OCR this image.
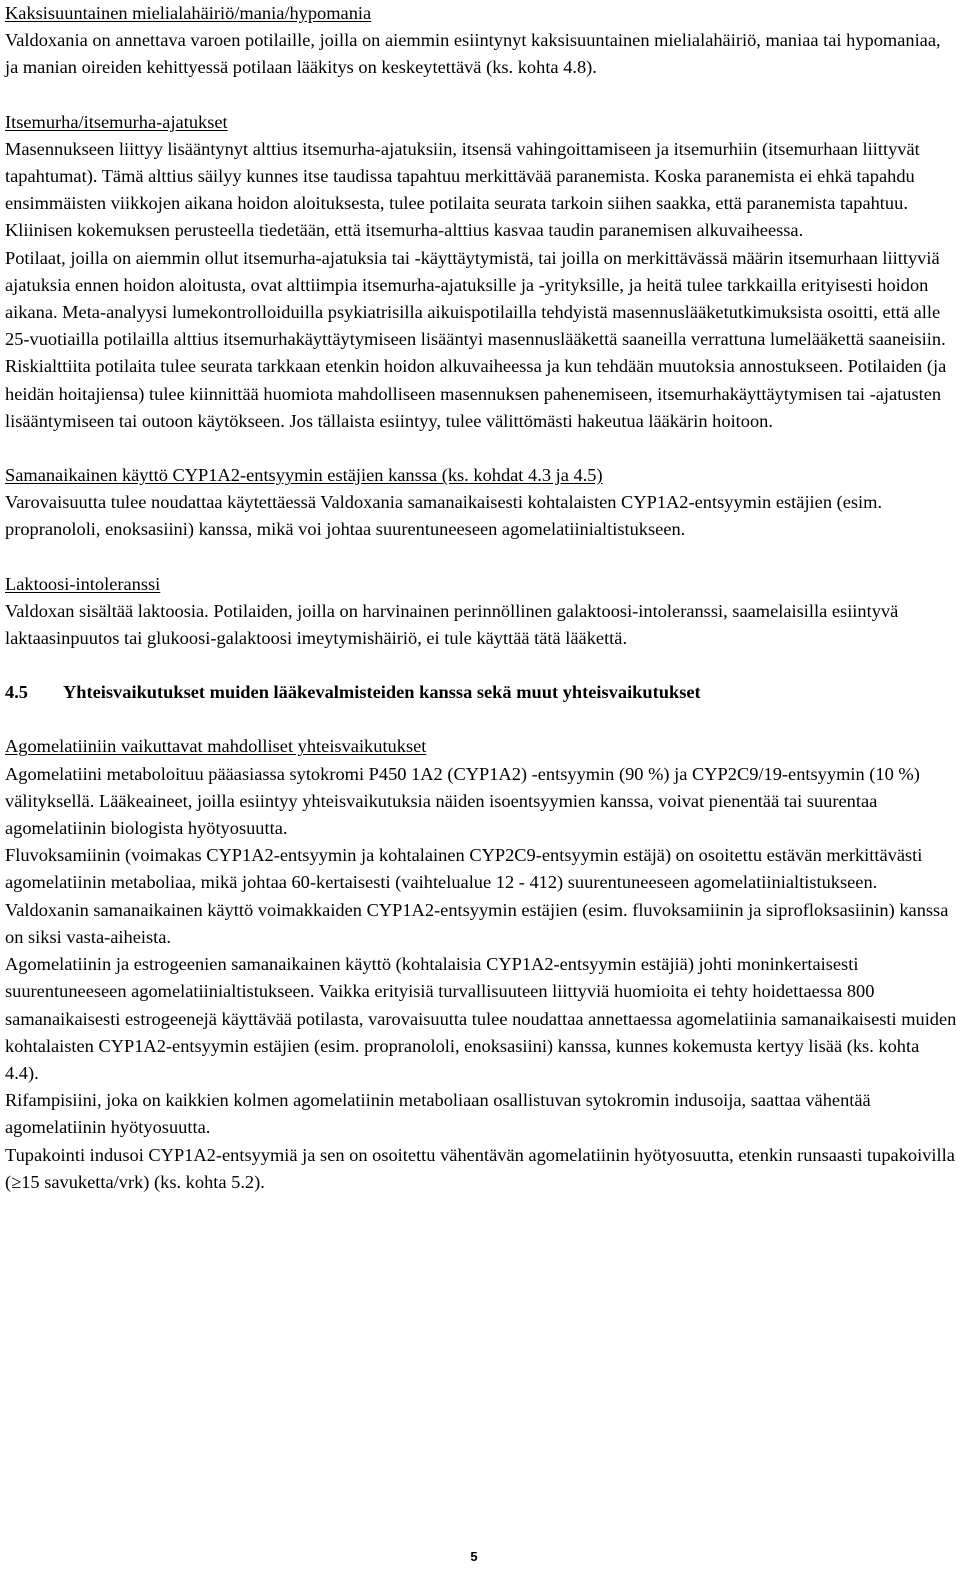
Kaksisuuntainen mielialahäiriö/mania/hypomania

Valdoxania on annettava varoen potilaille, joilla on aiemmin esiintynyt kaksisuuntainen mielialahäiriö, maniaa tai hypomaniaa, ja manian oireiden kehittyessä potilaan lääkitys on keskeytettävä (ks. kohta 4.8).

Itsemurha/itsemurha-ajatukset

Masennukseen liittyy lisääntynyt alttius itsemurha-ajatuksiin, itsensä vahingoittamiseen ja itsemurhiin (itsemurhaan liittyvät tapahtumat). Tämä alttius säilyy kunnes itse taudissa tapahtuu merkittävää paranemista. Koska paranemista ei ehkä tapahdu ensimmäisten viikkojen aikana hoidon aloituksesta, tulee potilaita seurata tarkoin siihen saakka, että paranemista tapahtuu. Kliinisen kokemuksen perusteella tiedetään, että itsemurha-alttius kasvaa taudin paranemisen alkuvaiheessa.

Potilaat, joilla on aiemmin ollut itsemurha-ajatuksia tai -käyttäytymistä, tai joilla on merkittävässä määrin itsemurhaan liittyviä ajatuksia ennen hoidon aloitusta, ovat alttiimpia itsemurha-ajatuksille ja -yrityksille, ja heitä tulee tarkkailla erityisesti hoidon aikana. Meta-analyysi lumekontrolloiduilla psykiatrisilla aikuispotilailla tehdyistä masennuslääketutkimuksista osoitti, että alle 25-vuotiailla potilailla alttius itsemurhakäyttäytymiseen lisääntyi masennuslääkettä saaneilla verrattuna lumelääkettä saaneisiin.

Riskialttiita potilaita tulee seurata tarkkaan etenkin hoidon alkuvaiheessa ja kun tehdään muutoksia annostukseen. Potilaiden (ja heidän hoitajiensa) tulee kiinnittää huomiota mahdolliseen masennuksen pahenemiseen, itsemurhakäyttäytymisen tai -ajatusten lisääntymiseen tai outoon käytökseen. Jos tällaista esiintyy, tulee välittömästi hakeutua lääkärin hoitoon.

Samanaikainen käyttö CYP1A2-entsyymin estäjien kanssa (ks. kohdat 4.3 ja 4.5)

Varovaisuutta tulee noudattaa käytettäessä Valdoxania samanaikaisesti kohtalaisten CYP1A2-entsyymin estäjien (esim. propranololi, enoksasiini) kanssa, mikä voi johtaa suurentuneeseen agomelatiinialtistukseen.

Laktoosi-intoleranssi

Valdoxan sisältää laktoosia. Potilaiden, joilla on harvinainen perinnöllinen galaktoosi-intoleranssi, saamelaisilla esiintyvä laktaasinpuutos tai glukoosi-galaktoosi imeytymishäiriö, ei tule käyttää tätä lääkettä.

4.5	Yhteisvaikutukset muiden lääkevalmisteiden kanssa sekä muut yhteisvaikutukset

Agomelatiiniin vaikuttavat mahdolliset yhteisvaikutukset

Agomelatiini metaboloituu pääasiassa sytokromi P450 1A2 (CYP1A2) -entsyymin (90 %) ja CYP2C9/19-entsyymin (10 %) välityksellä. Lääkeaineet, joilla esiintyy yhteisvaikutuksia näiden isoentsyymien kanssa, voivat pienentää tai suurentaa agomelatiinin biologista hyötyosuutta.

Fluvoksamiinin (voimakas CYP1A2-entsyymin ja kohtalainen CYP2C9-entsyymin estäjä) on osoitettu estävän merkittävästi agomelatiinin metaboliaa, mikä johtaa 60-kertaisesti (vaihtelualue 12 - 412) suurentuneeseen agomelatiinialtistukseen.

Valdoxanin samanaikainen käyttö voimakkaiden CYP1A2-entsyymin estäjien (esim. fluvoksamiinin ja siprofloksasiinin) kanssa on siksi vasta-aiheista.

Agomelatiinin ja estrogeenien samanaikainen käyttö (kohtalaisia CYP1A2-entsyymin estäjiä) johti moninkertaisesti suurentuneeseen agomelatiinialtistukseen. Vaikka erityisiä turvallisuuteen liittyviä huomioita ei tehty hoidettaessa 800 samanaikaisesti estrogeenejä käyttävää potilasta, varovaisuutta tulee noudattaa annettaessa agomelatiinia samanaikaisesti muiden kohtalaisten CYP1A2-entsyymin estäjien (esim. propranololi, enoksasiini) kanssa, kunnes kokemusta kertyy lisää (ks. kohta 4.4).

Rifampisiini, joka on kaikkien kolmen agomelatiinin metaboliaan osallistuvan sytokromin indusoija, saattaa vähentää agomelatiinin hyötyosuutta.

Tupakointi indusoi CYP1A2-entsyymiä ja sen on osoitettu vähentävän agomelatiinin hyötyosuutta, etenkin runsaasti tupakoivilla (≥15 savuketta/vrk) (ks. kohta 5.2).

5
